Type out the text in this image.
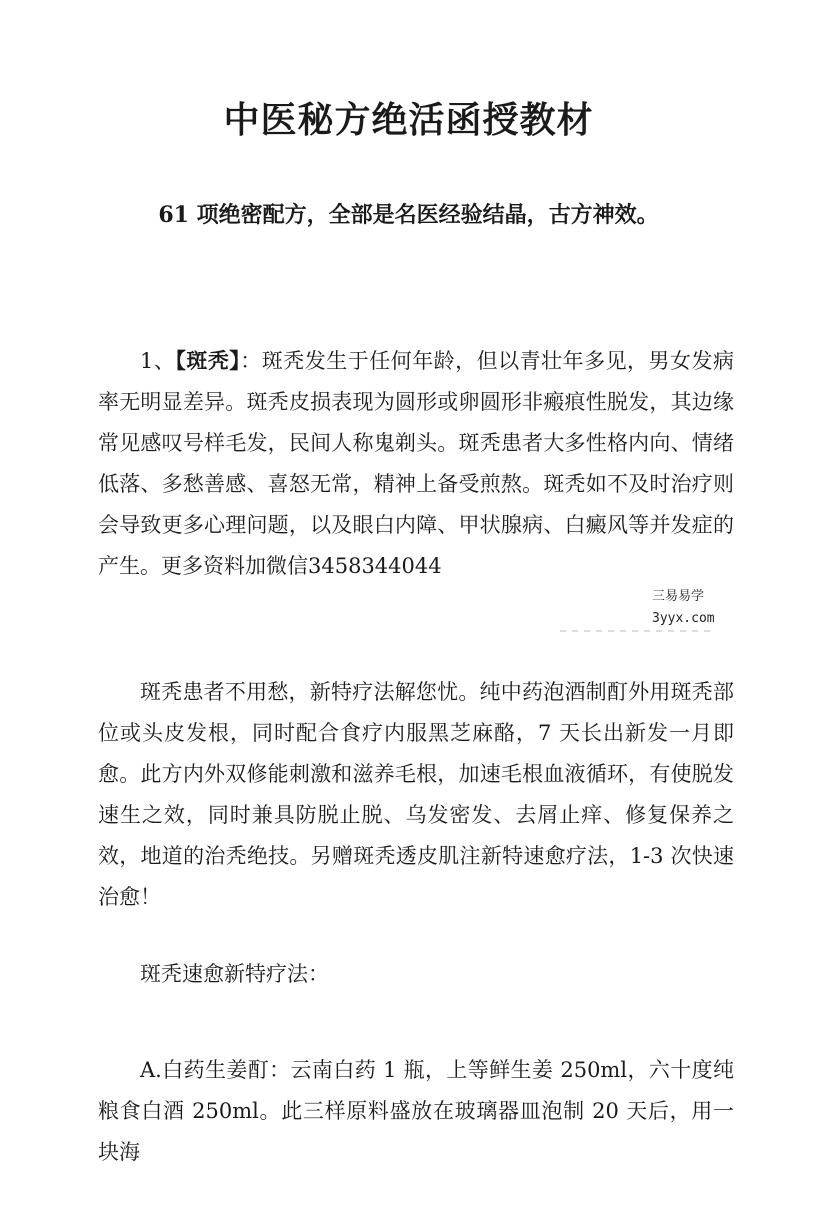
中医秘方绝活函授教材
61 项绝密配方，全部是名医经验结晶，古方神效。

1、【斑秃】：斑秃发生于任何年龄，但以青壮年多见，男女发病率无明显差异。斑秃皮损表现为圆形或卵圆形非瘢痕性脱发，其边缘常见感叹号样毛发，民间人称鬼剃头。斑秃患者大多性格内向、情绪低落、多愁善感、喜怒无常，精神上备受煎熬。斑秃如不及时治疗则会导致更多心理问题，以及眼白内障、甲状腺病、白癜风等并发症的产生。更多资料加微信3458344044

三易易学
3yyx.com

斑秃患者不用愁，新特疗法解您忧。纯中药泡酒制酊外用斑秃部位或头皮发根，同时配合食疗内服黑芝麻酪，7 天长出新发一月即愈。此方内外双修能刺激和滋养毛根，加速毛根血液循环，有使脱发速生之效，同时兼具防脱止脱、乌发密发、去屑止痒、修复保养之效，地道的治秃绝技。另赠斑秃透皮肌注新特速愈疗法，1-3 次快速治愈！

斑秃速愈新特疗法：

A.白药生姜酊：云南白药 1 瓶，上等鲜生姜 250ml，六十度纯粮食白酒 250ml。此三样原料盛放在玻璃器皿泡制 20 天后，用一块海
